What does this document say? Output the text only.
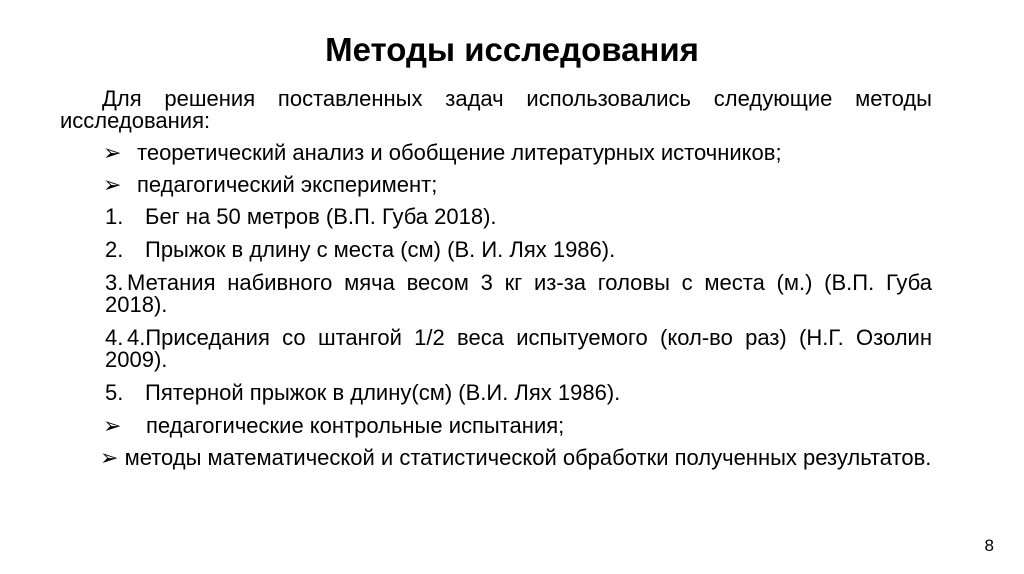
Методы исследования
Для решения поставленных задач использовались следующие методы исследования:
➢ теоретический анализ и обобщение литературных источников;
➢ педагогический эксперимент;
1. Бег на 50 метров (В.П. Губа 2018).
2. Прыжок в длину с места (см) (В. И. Лях 1986).
3. Метания набивного мяча весом 3 кг из-за головы с места (м.) (В.П. Губа 2018).
4. 4.Приседания со штангой 1/2 веса испытуемого (кол-во раз) (Н.Г. Озолин 2009).
5. Пятерной прыжок в длину(см) (В.И. Лях 1986).
➢ педагогические контрольные испытания;
➢ методы математической и статистической обработки полученных результатов.
8
